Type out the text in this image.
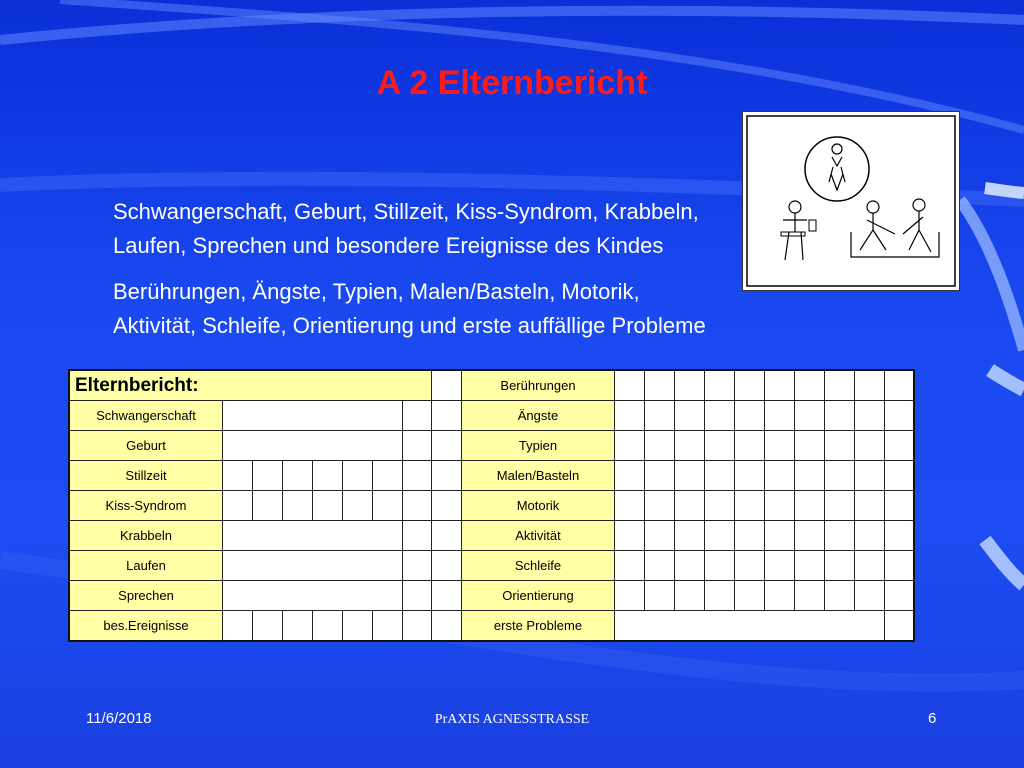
A 2 Elternbericht

Schwangerschaft, Geburt, Stillzeit, Kiss-Syndrom, Krabbeln, Laufen, Sprechen und besondere Ereignisse des Kindes

Berührungen, Ängste, Typien, Malen/Basteln, Motorik, Aktivität, Schleife, Orientierung und erste auffällige Probleme

Elternbericht:									Berührungen										
Schwangerschaft									Ängste										
Geburt									Typien										
Stillzeit									Malen/Basteln										
Kiss-Syndrom									Motorik										
Krabbeln									Aktivität										
Laufen									Schleife										
Sprechen									Orientierung										
bes.Ereignisse									erste Probleme										
11/6/2018	PrAXIS AGNESSTRASSE	6
